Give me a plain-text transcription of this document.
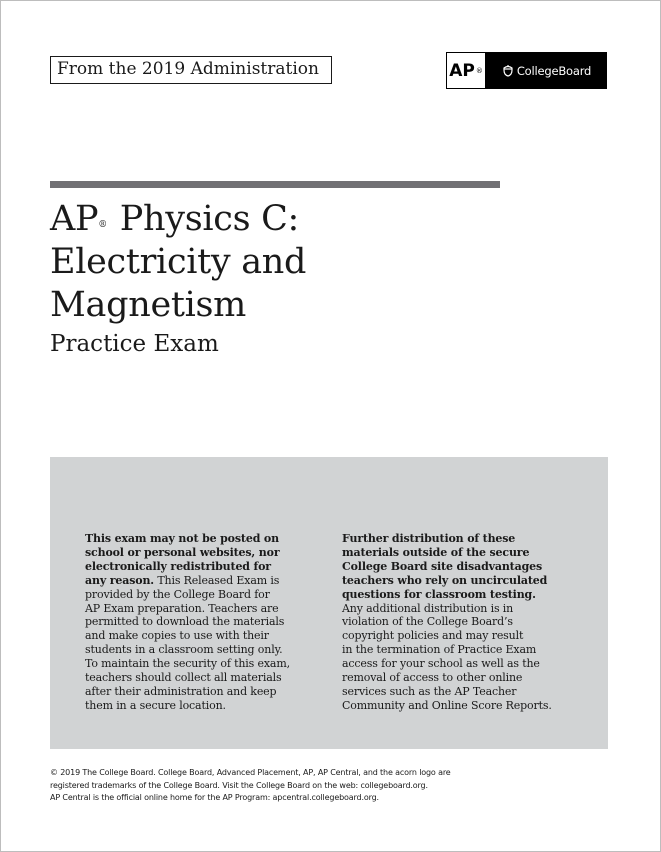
From the 2019 Administration	AP ®	CollegeBoard
AP® Physics C:
Electricity and
Magnetism
Practice Exam
This exam may not be posted on
school or personal websites, nor
electronically redistributed for
any reason. This Released Exam is
provided by the College Board for
AP Exam preparation. Teachers are
permitted to download the materials
and make copies to use with their
students in a classroom setting only.
To maintain the security of this exam,
teachers should collect all materials
after their administration and keep
them in a secure location.
Further distribution of these
materials outside of the secure
College Board site disadvantages
teachers who rely on uncirculated
questions for classroom testing.
Any additional distribution is in
violation of the College Board’s
copyright policies and may result
in the termination of Practice Exam
access for your school as well as the
removal of access to other online
services such as the AP Teacher
Community and Online Score Reports.
© 2019 The College Board. College Board, Advanced Placement, AP, AP Central, and the acorn logo are
registered trademarks of the College Board. Visit the College Board on the web: collegeboard.org.
AP Central is the official online home for the AP Program: apcentral.collegeboard.org.
